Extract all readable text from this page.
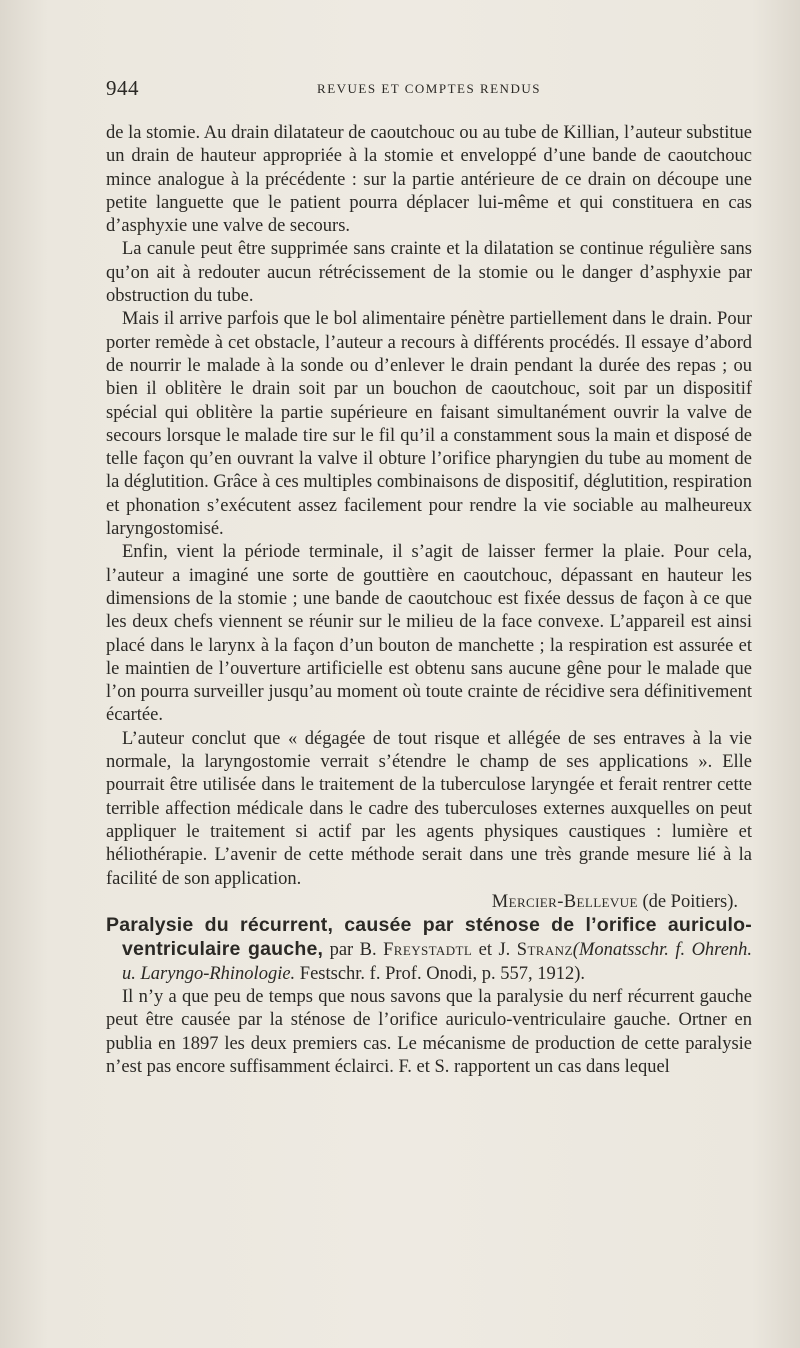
944	REVUES ET COMPTES RENDUS

de la stomie. Au drain dilatateur de caoutchouc ou au tube de Killian, l’auteur substitue un drain de hauteur appropriée à la stomie et enveloppé d’une bande de caoutchouc mince analogue à la précédente : sur la partie antérieure de ce drain on découpe une petite languette que le patient pourra déplacer lui-même et qui constituera en cas d’asphyxie une valve de secours.

La canule peut être supprimée sans crainte et la dilatation se continue régulière sans qu’on ait à redouter aucun rétrécissement de la stomie ou le danger d’asphyxie par obstruction du tube.

Mais il arrive parfois que le bol alimentaire pénètre partiellement dans le drain. Pour porter remède à cet obstacle, l’auteur a recours à différents procédés. Il essaye d’abord de nourrir le malade à la sonde ou d’enlever le drain pendant la durée des repas ; ou bien il oblitère le drain soit par un bouchon de caoutchouc, soit par un dispositif spécial qui oblitère la partie supérieure en faisant simultanément ouvrir la valve de secours lorsque le malade tire sur le fil qu’il a constamment sous la main et disposé de telle façon qu’en ouvrant la valve il obture l’orifice pharyngien du tube au moment de la déglutition. Grâce à ces multiples combinaisons de dispositif, déglutition, respiration et phonation s’exécutent assez facilement pour rendre la vie sociable au malheureux laryngostomisé.

Enfin, vient la période terminale, il s’agit de laisser fermer la plaie. Pour cela, l’auteur a imaginé une sorte de gouttière en caoutchouc, dépassant en hauteur les dimensions de la stomie ; une bande de caoutchouc est fixée dessus de façon à ce que les deux chefs viennent se réunir sur le milieu de la face convexe. L’appareil est ainsi placé dans le larynx à la façon d’un bouton de manchette ; la respiration est assurée et le maintien de l’ouverture artificielle est obtenu sans aucune gêne pour le malade que l’on pourra surveiller jusqu’au moment où toute crainte de récidive sera définitivement écartée.

L’auteur conclut que « dégagée de tout risque et allégée de ses entraves à la vie normale, la laryngostomie verrait s’étendre le champ de ses applications ». Elle pourrait être utilisée dans le traitement de la tuberculose laryngée et ferait rentrer cette terrible affection médicale dans le cadre des tuberculoses externes auxquelles on peut appliquer le traitement si actif par les agents physiques caustiques : lumière et héliothérapie. L’avenir de cette méthode serait dans une très grande mesure lié à la facilité de son application.

Mercier-Bellevue (de Poitiers).
Paralysie du récurrent, causée par sténose de l’orifice auriculo-ventriculaire gauche, par B. Freystadtl et J. Stranz(Monatsschr. f. Ohrenh. u. Laryngo-Rhinologie. Festschr. f. Prof. Onodi, p. 557, 1912).

Il n’y a que peu de temps que nous savons que la paralysie du nerf récurrent gauche peut être causée par la sténose de l’orifice auriculo-ventriculaire gauche. Ortner en publia en 1897 les deux premiers cas. Le mécanisme de production de cette paralysie n’est pas encore suffisamment éclairci. F. et S. rapportent un cas dans lequel
